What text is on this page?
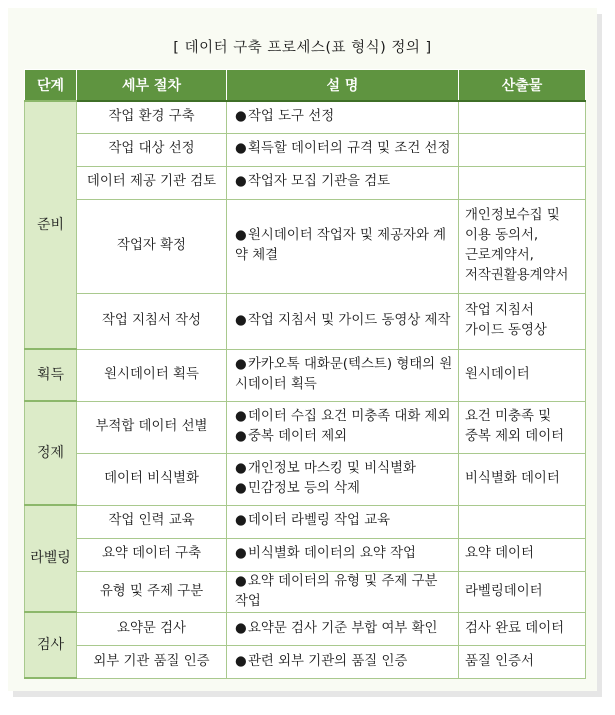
[ 데이터 구축 프로세스(표 형식) 정의 ]
단계	세부 절차	설 명	산출물
준비	작업 환경 구축	●작업 도구 선정	

	작업 대상 선정	●획득할 데이터의 규격 및 조건 선정	

	데이터 제공 기관 검토	●작업자 모집 기관을 검토	

	작업자 확정	●원시데이터 작업자 및 제공자와 계약 체결	개인정보수집 및
이용 동의서,
근로계약서,
저작권활용계약서

	작업 지침서 작성	●작업 지침서 및 가이드 동영상 제작	작업 지침서
가이드 동영상

획득	원시데이터 획득	●카카오톡 대화문(텍스트) 형태의 원시데이터 획득	원시데이터

정제	부적합 데이터 선별	●데이터 수집 요건 미충족 대화 제외
●중복 데이터 제외	요건 미충족 및
중복 제외 데이터

	데이터 비식별화	●개인정보 마스킹 및 비식별화
●민감정보 등의 삭제	비식별화 데이터

라벨링	작업 인력 교육	●데이터 라벨링 작업 교육	

	요약 데이터 구축	●비식별화 데이터의 요약 작업	요약 데이터

	유형 및 주제 구분	●요약 데이터의 유형 및 주제 구분 작업	라벨링데이터

검사	요약문 검사	●요약문 검사 기준 부합 여부 확인	검사 완료 데이터

	외부 기관 품질 인증	●관련 외부 기관의 품질 인증	품질 인증서
